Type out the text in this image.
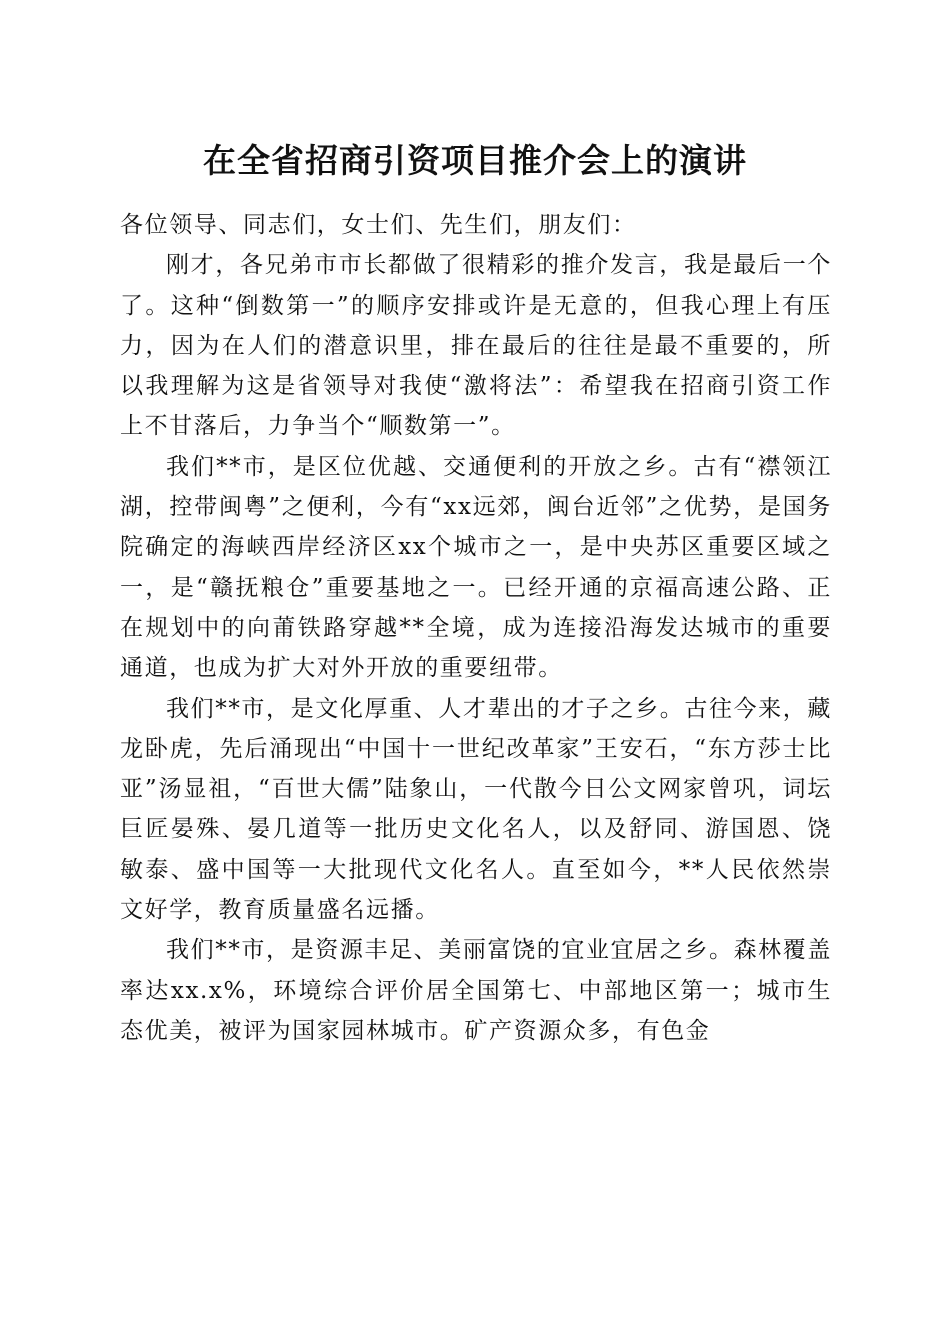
在全省招商引资项目推介会上的演讲

各位领导、同志们，女士们、先生们，朋友们：

刚才，各兄弟市市长都做了很精彩的推介发言，我是最后一个了。这种“倒数第一”的顺序安排或许是无意的，但我心理上有压力，因为在人们的潜意识里，排在最后的往往是最不重要的，所以我理解为这是省领导对我使“激将法”：希望我在招商引资工作上不甘落后，力争当个“顺数第一”。

我们**市，是区位优越、交通便利的开放之乡。古有“襟领江湖，控带闽粤”之便利，今有“xx远郊，闽台近邻”之优势，是国务院确定的海峡西岸经济区xx个城市之一，是中央苏区重要区域之一，是“赣抚粮仓”重要基地之一。已经开通的京福高速公路、正在规划中的向莆铁路穿越**全境，成为连接沿海发达城市的重要通道，也成为扩大对外开放的重要纽带。

我们**市，是文化厚重、人才辈出的才子之乡。古往今来，藏龙卧虎，先后涌现出“中国十一世纪改革家”王安石，“东方莎士比亚”汤显祖，“百世大儒”陆象山，一代散今日公文网家曾巩，词坛巨匠晏殊、晏几道等一批历史文化名人，以及舒同、游国恩、饶敏泰、盛中国等一大批现代文化名人。直至如今，**人民依然崇文好学，教育质量盛名远播。

我们**市，是资源丰足、美丽富饶的宜业宜居之乡。森林覆盖率达xx.x%，环境综合评价居全国第七、中部地区第一；城市生态优美，被评为国家园林城市。矿产资源众多，有色金
